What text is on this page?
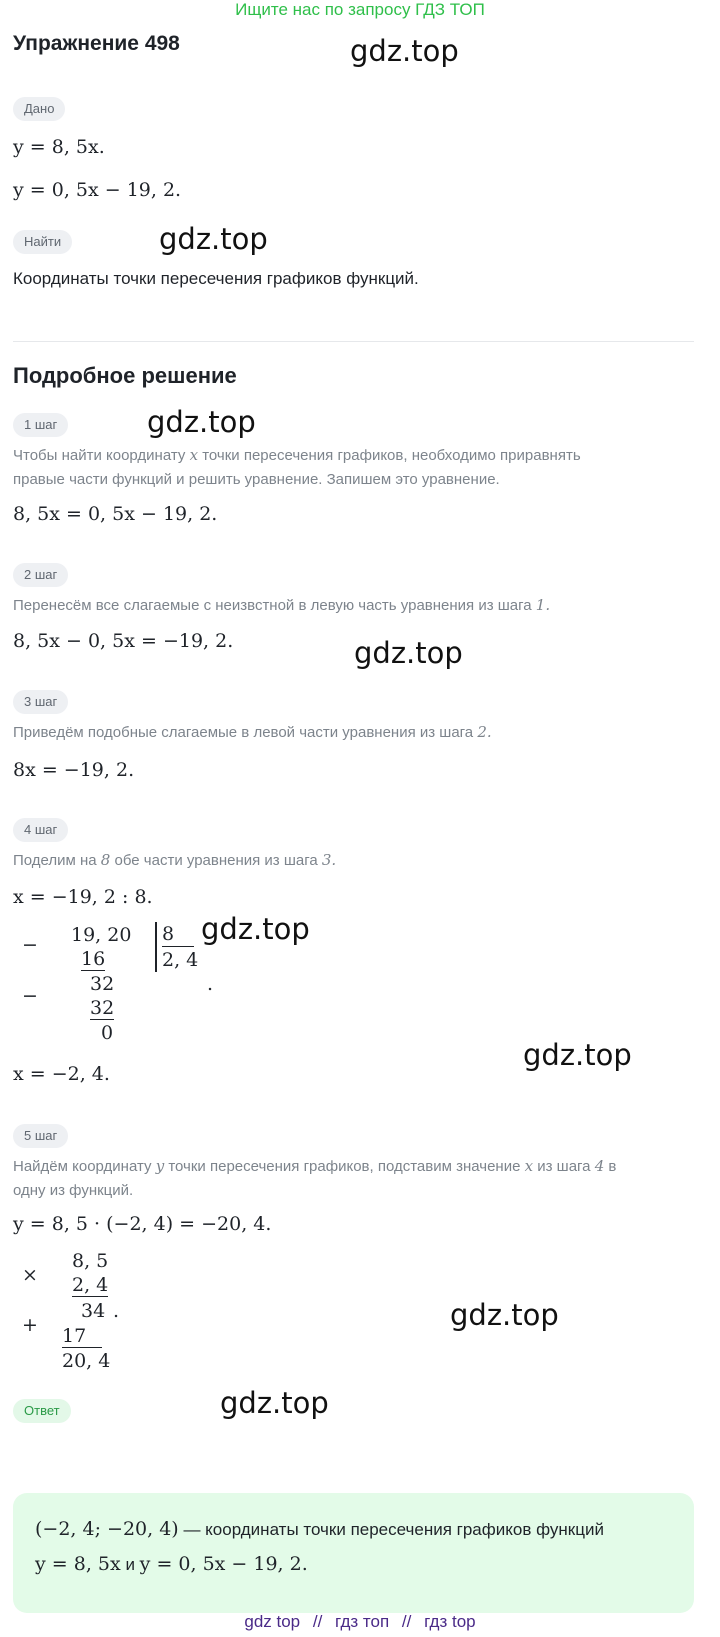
Ищите нас по запросу ГДЗ ТОП
Упражнение 498	gdz.top
gdz.top
gdz.top
gdz.top
gdz.top
gdz.top
gdz.top
gdz.top
Дано
y = 8, 5x.
y = 0, 5x − 19, 2.
Найти
Координаты точки пересечения графиков функций.
Подробное решение
1 шаг
Чтобы найти координату x точки пересечения графиков, необходимо приравнять
правые части функций и решить уравнение. Запишем это уравнение.
8, 5x = 0, 5x − 19, 2.
2 шаг
Перенесём все слагаемые с неизвстной в левую часть уравнения из шага 1.
8, 5x − 0, 5x = −19, 2.
3 шаг
Приведём подобные слагаемые в левой части уравнения из шага 2.
8x = −19, 2.
4 шаг
Поделим на 8 обе части уравнения из шага 3.
x = −19, 2 : 8.
− 19, 20
16
−
32
32
0
8
2, 4
.
x = −2, 4.
5 шаг
Найдём координату y точки пересечения графиков, подставим значение x из шага 4 в
одну из функций.
y = 8, 5 · (−2, 4) = −20, 4.
×
8, 5
2, 4
34 .
+ 17
20, 4
Ответ
(−2, 4; −20, 4) — координаты точки пересечения графиков функций
y = 8, 5x и y = 0, 5x − 19, 2.
gdz top // гдз топ // гдз top
